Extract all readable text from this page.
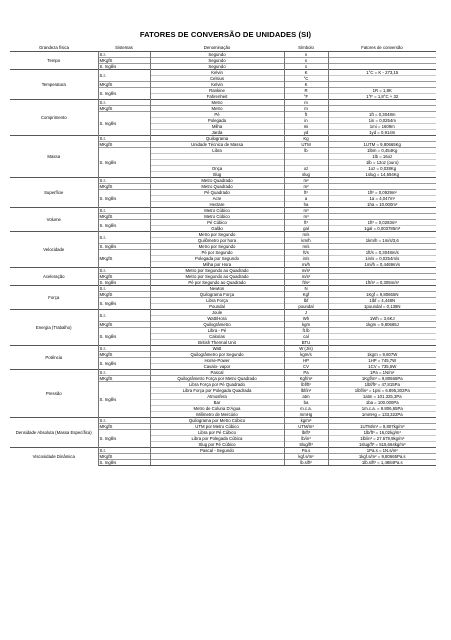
FATORES DE CONVERSÃO DE UNIDADES (SI)
Grandeza física	Sistemas	Denominação	Símbolo	Fatores de conversão
Tempo	S.I.	Segundo	s	
	MKgfS	Segundo	s	
	S. Inglês	Segundo	s	
Temperatura	S.I.	Kelvin	K	1°C = K - 273,15
		Celsius	°C	
	MKgfS	Kelvin	K	
	S. Inglês	Rankine	R	1R = 1,8K
		Fahrenheit	°F	1°F = 1,8°C + 32
Comprimento	S.I.	Metro	m	
	MKgfS	Metro	m	
	S. Inglês	Pé	ft	1ft = 0,3048m
		Polegada	in	1in = 0,0254m
		Milha	mi	1mi = 1609m
		Jarda	yd	1yd = 0,914m
Massa	S.I.	Quilograma	Kg	
	MKgfS	Unidade Técnica de Massa	UTM	1UTM = 9,80665Kg
	S. Inglês	Libra	lb	1lbm = 0,454Kg
				1lb = 16oz
				1lb = 12oz (ouro)
		Onça	oz	1oz = 0,028Kg
		Slug	slug	1slug = 14,594Kg
Superfície	S.I.	Metro Quadrado	m²	
	MKgfS	Metro Quadrado	m²	
	S. Inglês	Pé Quadrado	ft²	1ft² = 0,0929m²
		Acre	a	1a = 4,047m²
		Hectare	ha	1ha = 10.000m²
Volume	S.I.	Metro Cúbico	m³	
	MKgfS	Metro Cúbico	m³	
	S. Inglês	Pé Cúbico	ft³	1ft³ = 0,0283m³
		Galão	gal	1gal = 0,003785m³
Velocidade	S.I.	Metro por Segundo	m/s	
		Quilômetro por hora	km/h	1km/h = 1m/s/3,6
	S. Inglês	Metro por Segundo	m/s	
	MKgfS	Pé por Segundo	ft/s	1ft/s = 0,3048m/s
		Polegada por Segundo	in/s	1in/s = 0,0254m/s
		Milha por Hora	mi/h	1mi/h = 0,4469m/s
Aceleração	S.I.	Metro por Segundo ao Quadrado	m/s²	
	MKgfS	Metro por Segundo ao Quadrado	m/s²	
	S. Inglês	Pé por Segundo ao Quadrado	ft/s²	1ft/s² = 0,305m/s²
Força	S.I.	Newton	N	
	MKgfS	Quilograma Força	Kgf	1Kgf = 9,80665N
	S. Inglês	Libra Força	lbf	1lbf = 4,448N
		Poundal	poundal	1poundal = 0,138N
Energia (Trabalho)	S.I.	Joule	J	
		Watt/Hora	Wh	1Wh = 3,6KJ
	MKgfS	Quilogrâmetro	kgm	1kgm = 9,80665J
	S. Inglês	Libra - Pé	ft.lb	
		Calorias	cal	
		British Thermal Unit	BTU	
Potência	S.I.	Watt	W (J/s)	
	MKgfS	Quilogrâmetro por Segundo	kgm/s	1kgm = 9,807W
	S. Inglês	Horse-Power	HP	1HP = 745,7W
		Cavalo- vapor	CV	1CV = 735,5W
Pressão	S.I.	Pascal	Pa	1Pa = 1N/m²
	MKgfS	Quilogrâmetro Força por Metro Quadrado	Kgf/m²	1Kgf/m² = 9,80665Pa
	S. Inglês	Libra Força por Pé Quadrado	lbf/ft²	1lbf/ft² = 47,815Pa
		Libra Força por Polegada Quadrada	lbf/in²	1lbf/in² = 1psi = 6.895,302Pa
		Atmosfera	atm	1atm = 101.325,3Pa
		Bar	ba	1ba = 100.000Pa
		Metro de Coluna D'Água	m.c.a.	1m.c.a. = 9.806,65Pa
		Milímetro de Mercúrio	mmHg	1mmHg = 133,322Pa
Densidade Absoluta (Massa Específica)	S.I.	Quilograma por Metro Cúbico	kg/m³	
	MKgfS	UTM por Metro Cúbico	UTM/m³	1UTM/m³ = 9,807kg/m³
	S. Inglês	Libra por Pé Cúbico	lb/ft³	1lb/ft³ = 16,02kg/m³
		Libra por Polegada Cúbica	lb/in³	1lb/in³ = 27.679,9kg/m³
		Slug por Pé Cúbico	Slug/ft³	1slug/ft³ = 515,664kg/m³
Viscosidade Dinâmica	S.I.	Pascal - Segundo	Pa.s	1Pa.s = 1N.s/m²
	MKgfS		kgf.s/m²	1kgf.s/m² = 9,80665Pa.s
	S. Inglês		lb.s/ft²	1lb.s/ft² = 1,4884Pa.s
